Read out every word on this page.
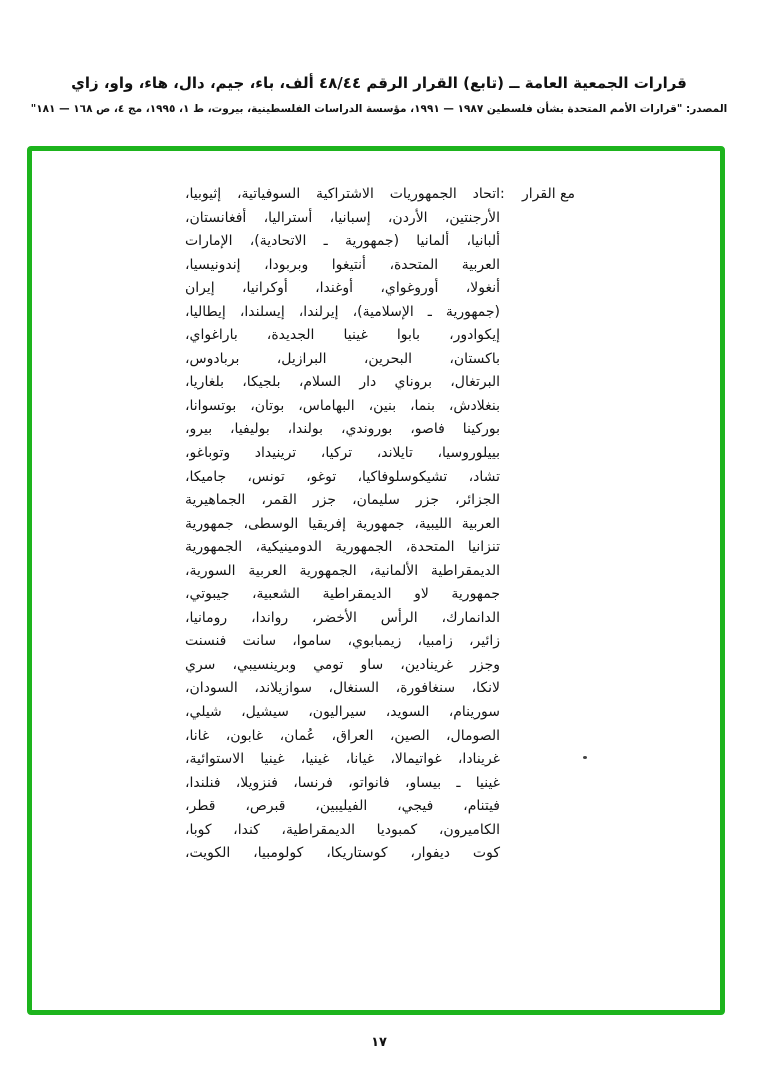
قرارات الجمعية العامة ــ (تابع) القرار الرقم ٤٨/٤٤ ألف، باء، جيم، دال، هاء، واو، زاي
المصدر: "قرارات الأمم المتحدة بشأن فلسطين ١٩٨٧ — ١٩٩١، مؤسسة الدراسات الفلسطينية، بيروت، ط ١، ١٩٩٥، مج ٤، ص ١٦٨ — ١٨١"
مع القرار
:
اتحاد الجمهوريات الاشتراكية السوفياتية، إثيوبيا،
الأرجنتين، الأردن، إسبانيا، أستراليا، أفغانستان،
ألبانيا، ألمانيا (جمهورية ـ الاتحادية)، الإمارات
العربية المتحدة، أنتيغوا وبربودا، إندونيسيا،
أنغولا، أوروغواي، أوغندا، أوكرانيا، إيران
(جمهورية ـ الإسلامية)، إيرلندا، إيسلندا، إيطاليا،
إيكوادور، بابوا غينيا الجديدة، باراغواي،
باكستان، البحرين، البرازيل، بربادوس،
البرتغال، بروناي دار السلام، بلجيكا، بلغاريا،
بنغلادش، بنما، بنين، البهاماس، بوتان، بوتسوانا،
بوركينا فاصو، بوروندي، بولندا، بوليفيا، بيرو،
بييلوروسيا، تايلاند، تركيا، ترينيداد وتوباغو،
تشاد، تشيكوسلوفاكيا، توغو، تونس، جاميكا،
الجزائر، جزر سليمان، جزر القمر، الجماهيرية
العربية الليبية، جمهورية إفريقيا الوسطى، جمهورية
تنزانيا المتحدة، الجمهورية الدومينيكية، الجمهورية
الديمقراطية الألمانية، الجمهورية العربية السورية،
جمهورية لاو الديمقراطية الشعبية، جيبوتي،
الدانمارك، الرأس الأخضر، رواندا، رومانيا،
زائير، زامبيا، زيمبابوي، ساموا، سانت فنسنت
وجزر غرينادين، ساو تومي وبرينسيبي، سري
لانكا، سنغافورة، السنغال، سوازيلاند، السودان،
سورينام، السويد، سيراليون، سيشيل، شيلي،
الصومال، الصين، العراق، عُمان، غابون، غانا،
غرينادا، غواتيمالا، غيانا، غينيا، غينيا الاستوائية،
غينيا ـ بيساو، فانواتو، فرنسا، فنزويلا، فنلندا،
فيتنام، فيجي، الفيليبين، قبرص، قطر،
الكاميرون، كمبوديا الديمقراطية، كندا، كوبا،
كوت ديفوار، كوستاريكا، كولومبيا، الكويت،
١٧
